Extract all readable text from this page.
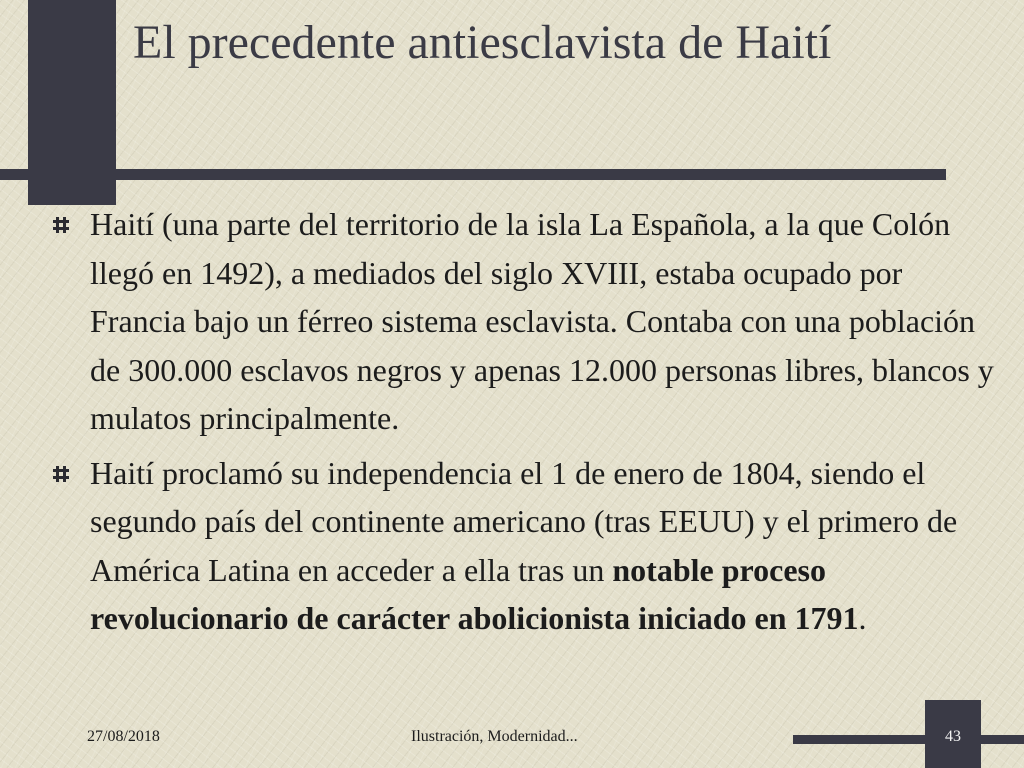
El precedente antiesclavista de Haití
Haití (una parte del territorio de la isla La Española, a la que Colón llegó en 1492), a mediados del siglo XVIII, estaba ocupado por Francia bajo un férreo sistema esclavista. Contaba con una población de 300.000 esclavos negros y apenas 12.000 personas libres, blancos y mulatos principalmente.
Haití proclamó su independencia el 1 de enero de 1804, siendo el segundo país del continente americano (tras EEUU) y el primero de América Latina en acceder a ella tras un notable proceso revolucionario de carácter abolicionista iniciado en 1791.
27/08/2018	Ilustración, Modernidad...	43
